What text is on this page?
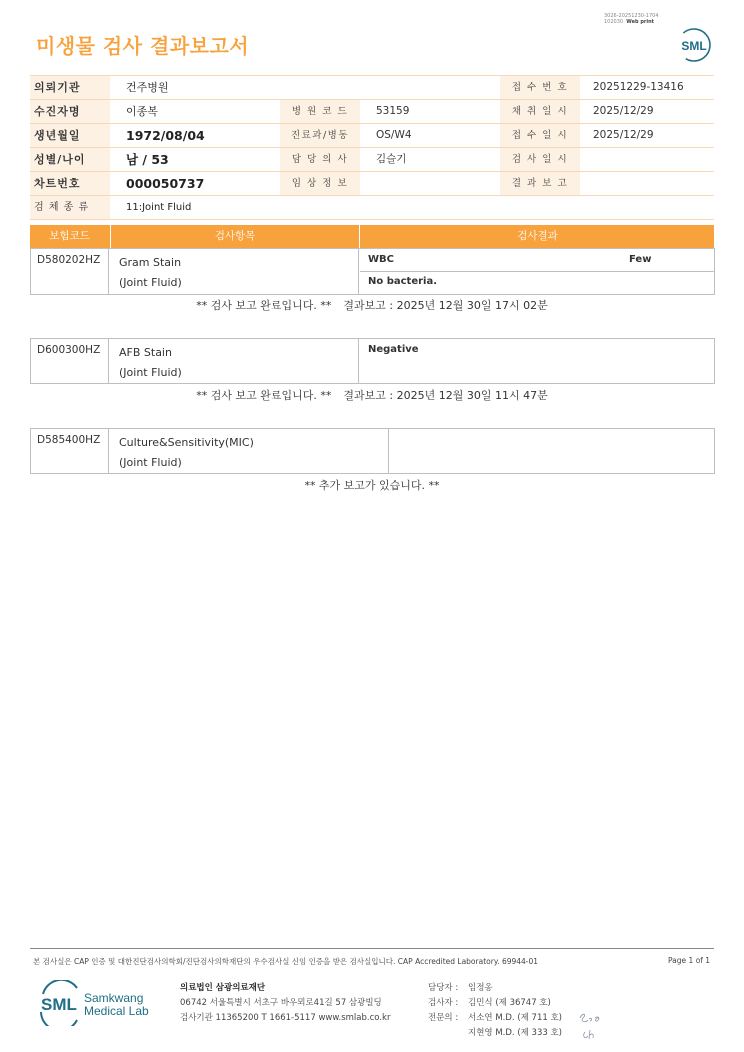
미생물 검사 결과보고서
3026-20251230-1704
102030 Web print
SML
의뢰기관	건주병원	접 수 번 호	20251229-13416
수진자명	이종복	병 원 코 드	53159	채 취 일 시	2025/12/29
생년월일	1972/08/04	진료과/병동	OS/W4	접 수 일 시	2025/12/29
성별/나이	남 / 53	담 당 의 사	김슬기	검 사 일 시
차트번호	000050737	임 상 정 보	결 과 보 고
검 체 종 류	11:Joint Fluid
보험코드	검사항목	검사결과
D580202HZ	Gram Stain
(Joint Fluid)
WBC	Few
No bacteria.
** 검사 보고 완료입니다. ** 결과보고 : 2025년 12월 30일 17시 02분
D600300HZ	AFB Stain
(Joint Fluid)
Negative
** 검사 보고 완료입니다. ** 결과보고 : 2025년 12월 30일 11시 47분
D585400HZ	Culture&Sensitivity(MIC)
(Joint Fluid)
** 추가 보고가 있습니다. **
본 검사실은 CAP 인증 및 대한진단검사의학회/진단검사의학재단의 우수검사실 신임 인증을 받은 검사실입니다. CAP Accredited Laboratory. 69944-01	Page 1 of 1
SML Samkwang
Medical Lab
의료법인 삼광의료재단
06742 서울특별시 서초구 바우뫼로41길 57 삼광빌딩
검사기관 11365200 T 1661-5117 www.smlab.co.kr
담당자 : 임정옹
검사자 : 김민식 (제 36747 호)
전문의 : 서소연 M.D. (제 711 호)
지현영 M.D. (제 333 호)
